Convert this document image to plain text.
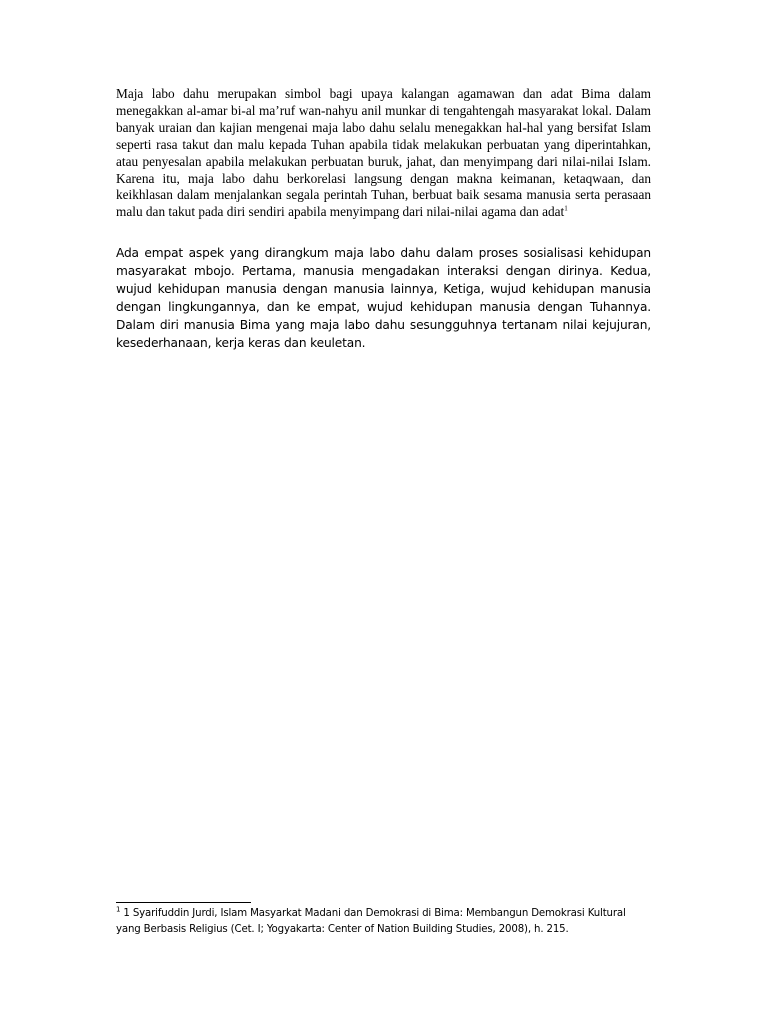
Maja labo dahu merupakan simbol bagi upaya kalangan agamawan dan adat Bima dalam menegakkan al-amar bi-al ma’ruf wan-nahyu anil munkar di tengahtengah masyarakat lokal. Dalam banyak uraian dan kajian mengenai maja labo dahu selalu menegakkan hal-hal yang bersifat Islam seperti rasa takut dan malu kepada Tuhan apabila tidak melakukan perbuatan yang diperintahkan, atau penyesalan apabila melakukan perbuatan buruk, jahat, dan menyimpang dari nilai-nilai Islam. Karena itu, maja labo dahu berkorelasi langsung dengan makna keimanan, ketaqwaan, dan keikhlasan dalam menjalankan segala perintah Tuhan, berbuat baik sesama manusia serta perasaan malu dan takut pada diri sendiri apabila menyimpang dari nilai-nilai agama dan adat$^1$

Ada empat aspek yang dirangkum maja labo dahu dalam proses sosialisasi kehidupan masyarakat mbojo. Pertama, manusia mengadakan interaksi dengan dirinya. Kedua, wujud kehidupan manusia dengan manusia lainnya, Ketiga, wujud kehidupan manusia dengan lingkungannya, dan ke empat, wujud kehidupan manusia dengan Tuhannya. Dalam diri manusia Bima yang maja labo dahu sesungguhnya tertanam nilai kejujuran, kesederhanaan, kerja keras dan keuletan.

$^1$ 1 Syarifuddin Jurdi, Islam Masyarkat Madani dan Demokrasi di Bima: Membangun Demokrasi Kultural yang Berbasis Religius (Cet. I; Yogyakarta: Center of Nation Building Studies, 2008), h. 215.
